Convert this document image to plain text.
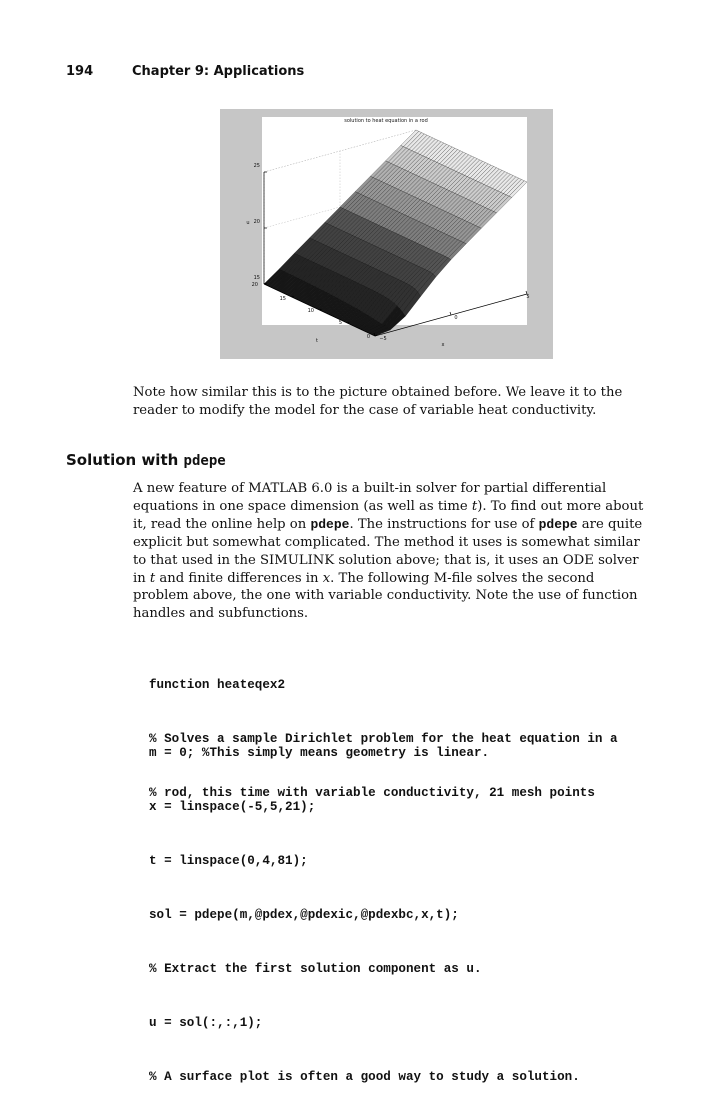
194	Chapter 9: Applications
solution to heat equation in a rod
u
t
x
25
20
15
20
15
10
5
0 −5
0
5
Note how similar this is to the picture obtained before. We leave it to the
reader to modify the model for the case of variable heat conductivity.
Solution with pdepe
A new feature of MATLAB 6.0 is a built-in solver for partial differential
equations in one space dimension (as well as time t). To find out more about
it, read the online help on pdepe. The instructions for use of pdepe are quite
explicit but somewhat complicated. The method it uses is somewhat similar
to that used in the SIMULINK solution above; that is, it uses an ODE solver
in t and finite differences in x. The following M-file solves the second
problem above, the one with variable conductivity. Note the use of function
handles and subfunctions.

function heateqex2

% Solves a sample Dirichlet problem for the heat equation in a

% rod, this time with variable conductivity, 21 mesh points

m = 0; %This simply means geometry is linear.

x = linspace(-5,5,21);

t = linspace(0,4,81);

sol = pdepe(m,@pdex,@pdexic,@pdexbc,x,t);

% Extract the first solution component as u.

u = sol(:,:,1);

% A surface plot is often a good way to study a solution.
